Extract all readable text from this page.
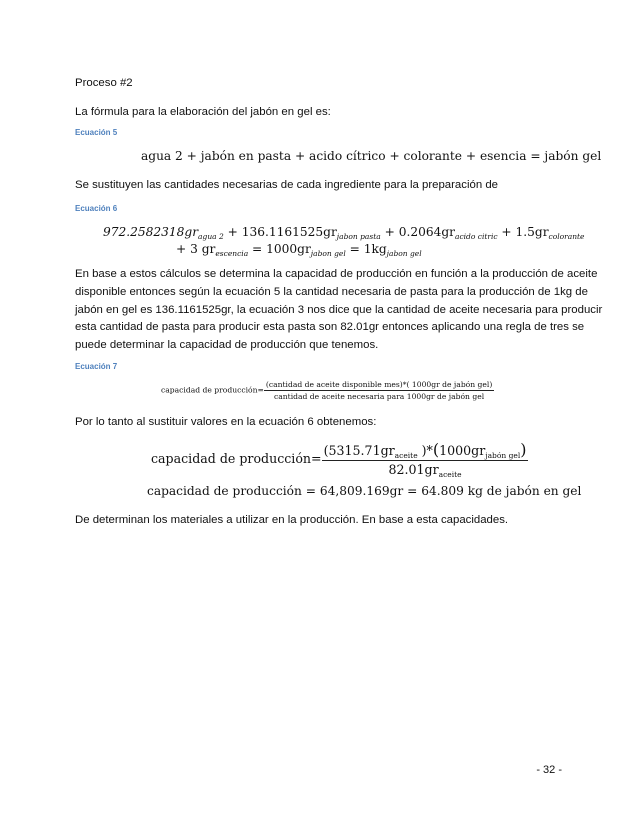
Proceso #2
La fórmula para la elaboración del jabón en gel es:
Ecuación 5
agua 2 + jabón en pasta + acido cítrico + colorante + esencia = jabón gel
Se sustituyen las cantidades necesarias de cada ingrediente para la preparación de
Ecuación 6
$972.2582318gr_{agua 2} + 136.1161525gr_{jabon pasta} + 0.2064gr_{acido citric} + 1.5gr_{colorante}$
+ 3 $gr_{escencia} = 1000gr_{jabon gel} = 1kg_{jabon gel}$
En base a estos cálculos se determina la capacidad de producción en función a la producción de aceite
disponible entonces según la ecuación 5 la cantidad necesaria de pasta para la producción de 1kg de
jabón en gel es 136.1161525gr, la ecuación 3 nos dice que la cantidad de aceite necesaria para producir
esta cantidad de pasta para producir esta pasta son 82.01gr entonces aplicando una regla de tres se
puede determinar la capacidad de producción que tenemos.
Ecuación 7
capacidad de producción= $\frac{\text{(cantidad de aceite disponible mes)*( 1000gr de jabón gel)}}{\text{cantidad de aceite necesaria para 1000gr de jabón gel}}$
Por lo tanto al sustituir valores en la ecuación 6 obtenemos:
capacidad de producción= $\frac{(5315.71gr_{aceite} )*(1000gr_{jabón gel})}{82.01gr_{aceite}}$
capacidad de producción = 64,809.169gr = 64.809 kg de jabón en gel
De determinan los materiales a utilizar en la producción. En base a esta capacidades.
- 32 -
